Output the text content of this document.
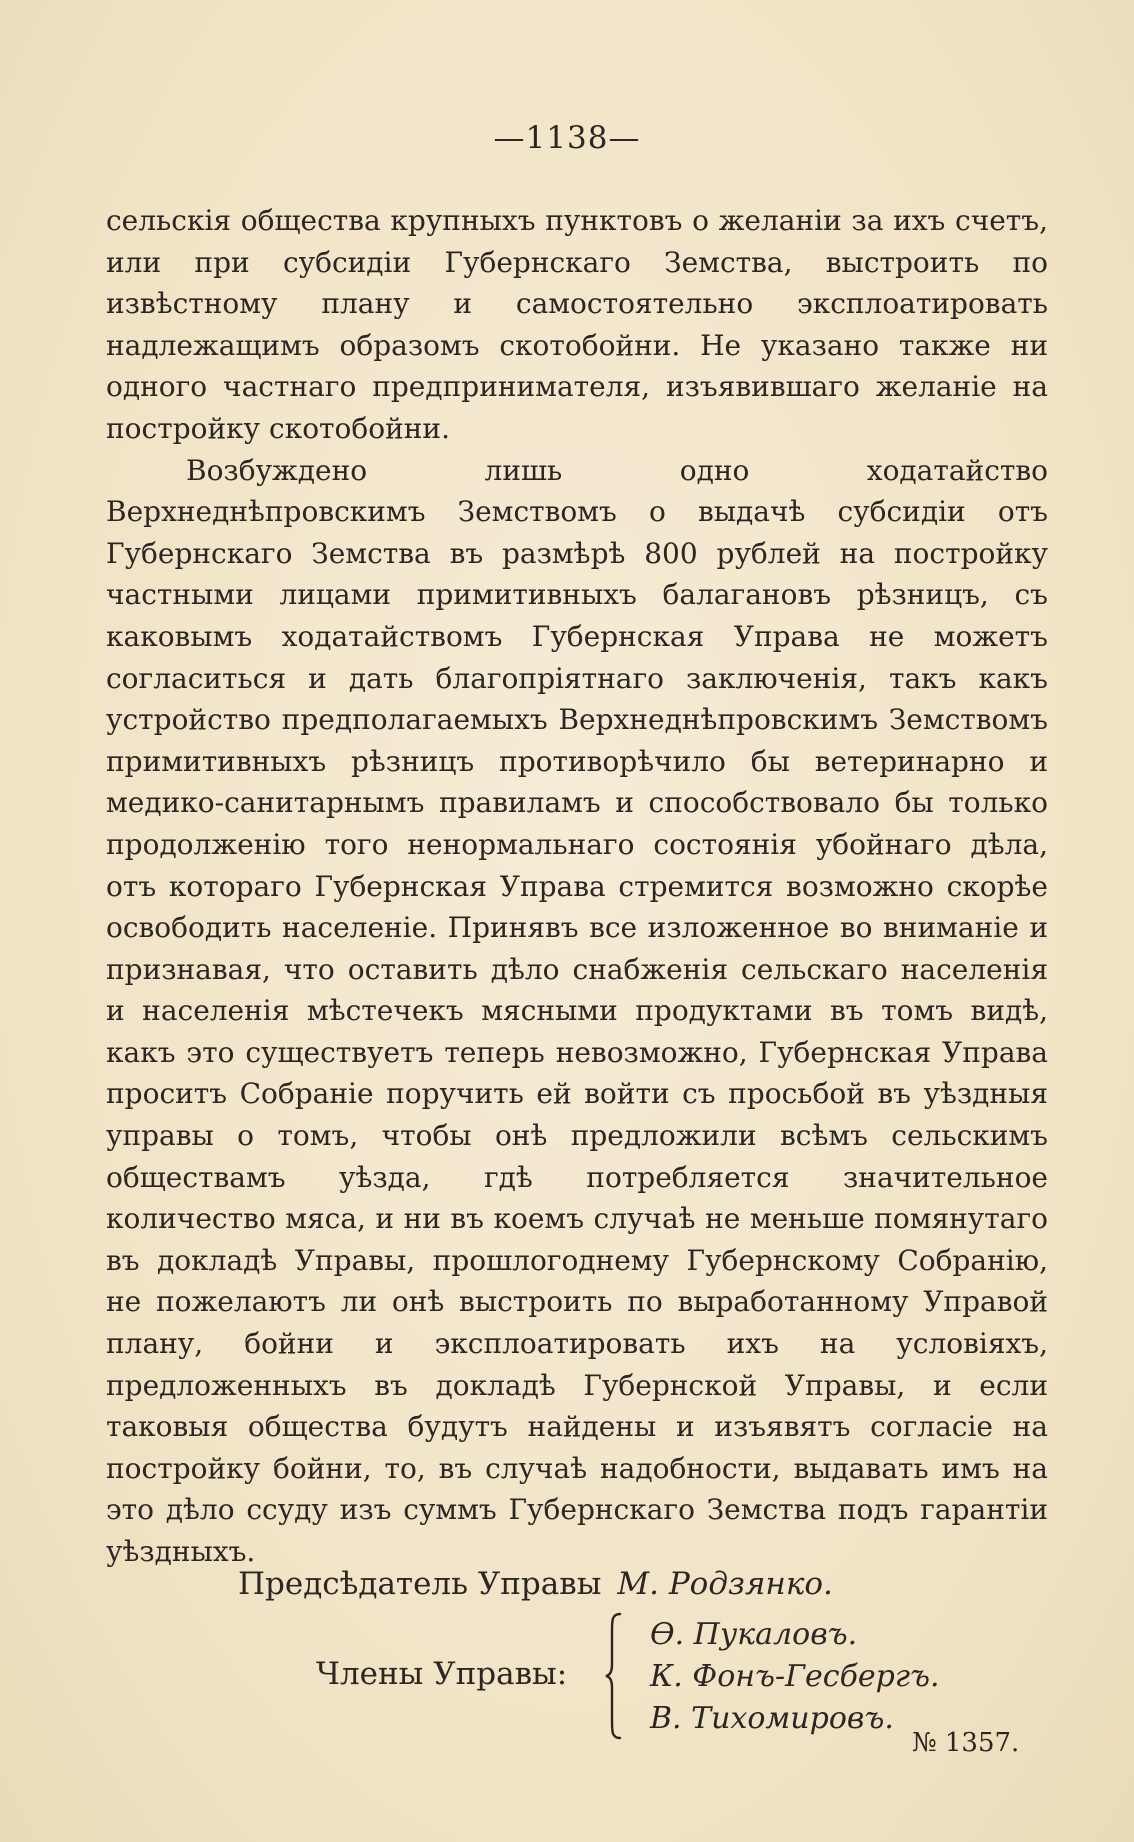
—1138—

сельскія общества крупныхъ пунктовъ о желаніи за ихъ счетъ, или при субсидіи Губернскаго Земства, выстроить по извѣстному плану и самостоятельно эксплоатировать надлежащимъ образомъ скотобойни. Не указано также ни одного частнаго предпринимателя, изъявившаго желаніе на постройку скотобойни.

Возбуждено лишь одно ходатайство Верхнеднѣпровскимъ Земствомъ о выдачѣ субсидіи отъ Губернскаго Земства въ размѣрѣ 800 рублей на постройку частными лицами примитивныхъ балагановъ рѣзницъ, съ каковымъ ходатайствомъ Губернская Управа не можетъ согласиться и дать благопріятнаго заключенія, такъ какъ устройство предполагаемыхъ Верхнеднѣпровскимъ Земствомъ примитивныхъ рѣзницъ противорѣчило бы ветеринарно и медико-санитарнымъ правиламъ и способствовало бы только продолженію того ненормальнаго состоянія убойнаго дѣла, отъ котораго Губернская Управа стремится возможно скорѣе освободить населеніе. Принявъ все изложенное во вниманіе и признавая, что оставить дѣло снабженія сельскаго населенія и населенія мѣстечекъ мясными продуктами въ томъ видѣ, какъ это существуетъ теперь невозможно, Губернская Управа проситъ Собраніе поручить ей войти съ просьбой въ уѣздныя управы о томъ, чтобы онѣ предложили всѣмъ сельскимъ обществамъ уѣзда, гдѣ потребляется значительное количество мяса, и ни въ коемъ случаѣ не меньше помянутаго въ докладѣ Управы, прошлогоднему Губернскому Собранію, не пожелаютъ ли онѣ выстроить по выработанному Управой плану, бойни и эксплоатировать ихъ на условіяхъ, предложенныхъ въ докладѣ Губернской Управы, и если таковыя общества будутъ найдены и изъявятъ согласіе на постройку бойни, то, въ случаѣ надобности, выдавать имъ на это дѣло ссуду изъ суммъ Губернскаго Земства подъ гарантіи уѣздныхъ.

Предсѣдатель Управы М. Родзянко.
Члены Управы:
Ѳ. Пукаловъ.
К. Фонъ-Гесбергъ.
В. Тихомировъ.
№ 1357.
